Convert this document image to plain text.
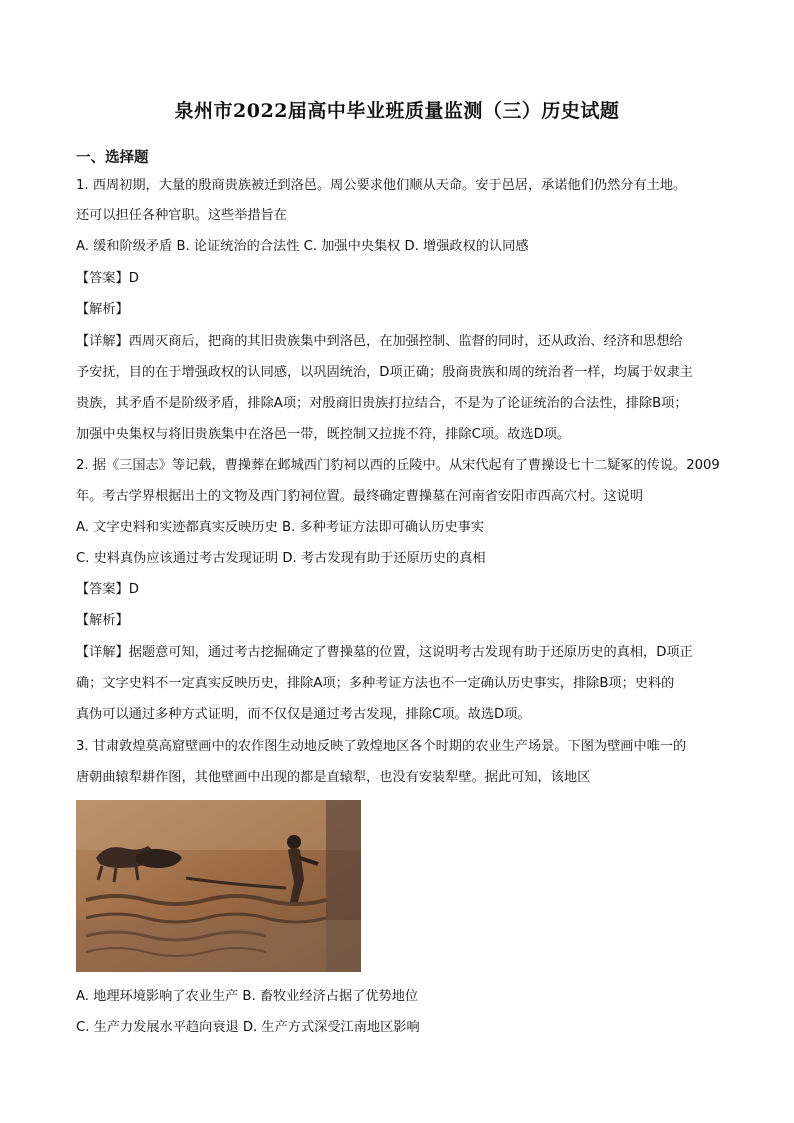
泉州市2022届高中毕业班质量监测（三）历史试题
一、选择题
1. 西周初期，大量的殷商贵族被迁到洛邑。周公要求他们顺从天命。安于邑居，承诺他们仍然分有土地。
还可以担任各种官职。这些举措旨在
A. 缓和阶级矛盾 B. 论证统治的合法性 C. 加强中央集权 D. 增强政权的认同感
【答案】D
【解析】
【详解】西周灭商后，把商的其旧贵族集中到洛邑，在加强控制、监督的同时，还从政治、经济和思想给
予安抚，目的在于增强政权的认同感，以巩固统治，D项正确；殷商贵族和周的统治者一样，均属于奴隶主
贵族，其矛盾不是阶级矛盾，排除A项；对殷商旧贵族打拉结合，不是为了论证统治的合法性，排除B项；
加强中央集权与将旧贵族集中在洛邑一带，既控制又拉拢不符，排除C项。故选D项。
2. 据《三国志》等记载，曹操葬在邺城西门豹祠以西的丘陵中。从宋代起有了曹操设七十二疑冢的传说。2009
年。考古学界根据出土的文物及西门豹祠位置。最终确定曹操墓在河南省安阳市西高穴村。这说明
A. 文字史料和实迹都真实反映历史 B. 多种考证方法即可确认历史事实
C. 史料真伪应该通过考古发现证明 D. 考古发现有助于还原历史的真相
【答案】D
【解析】
【详解】据题意可知，通过考古挖掘确定了曹操墓的位置，这说明考古发现有助于还原历史的真相，D项正
确；文字史料不一定真实反映历史，排除A项；多种考证方法也不一定确认历史事实，排除B项；史料的
真伪可以通过多种方式证明，而不仅仅是通过考古发现，排除C项。故选D项。
3. 甘肃敦煌莫高窟壁画中的农作图生动地反映了敦煌地区各个时期的农业生产场景。下图为壁画中唯一的
唐朝曲辕犁耕作图，其他壁画中出现的都是直辕犁，也没有安装犁壁。据此可知，该地区
A. 地理环境影响了农业生产 B. 畜牧业经济占据了优势地位
C. 生产力发展水平趋向衰退 D. 生产方式深受江南地区影响
